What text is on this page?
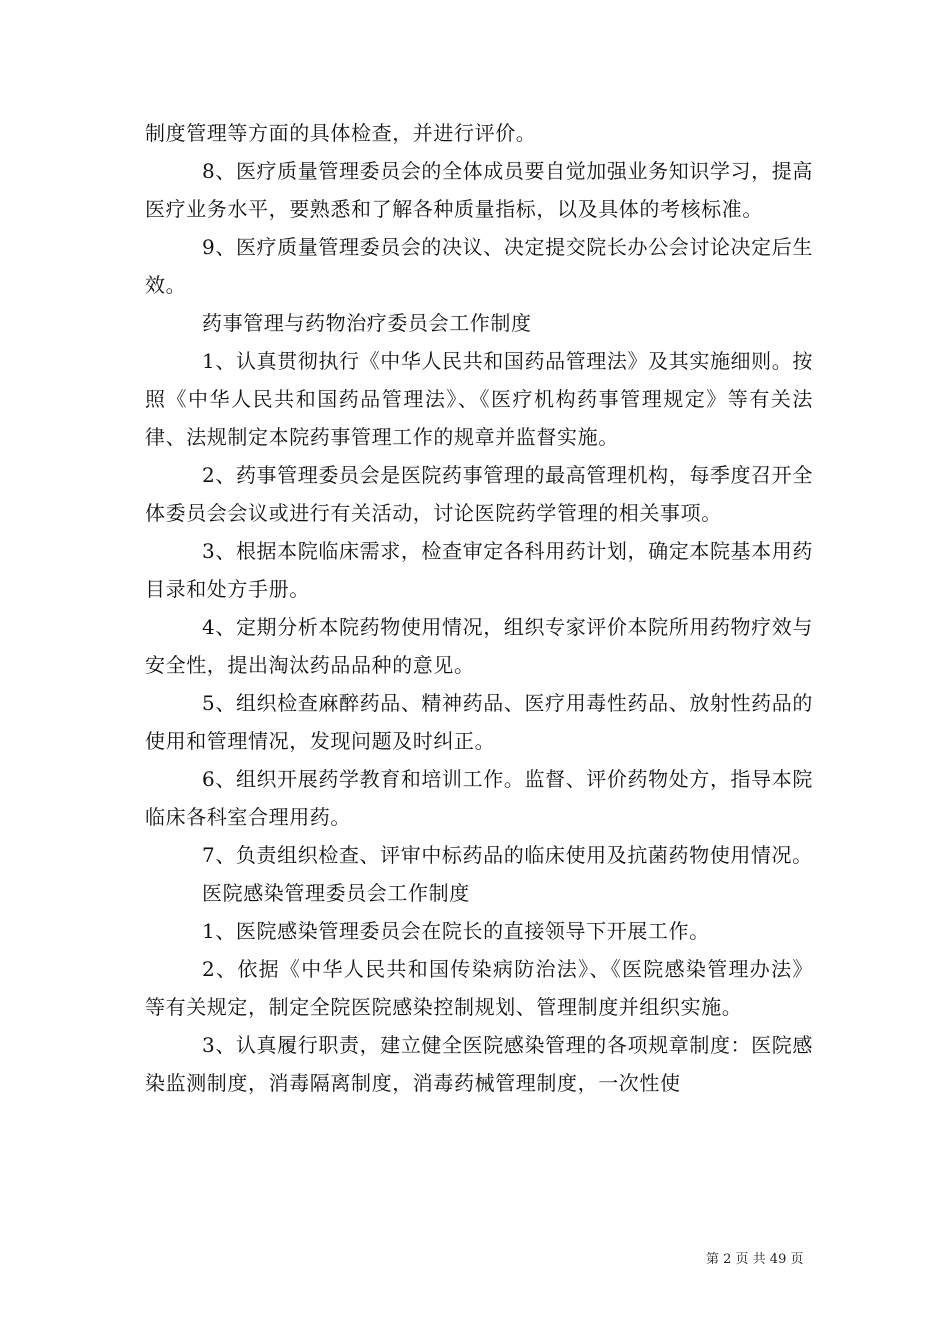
制度管理等方面的具体检查，并进行评价。

8、医疗质量管理委员会的全体成员要自觉加强业务知识学习，提高医疗业务水平，要熟悉和了解各种质量指标，以及具体的考核标准。

9、医疗质量管理委员会的决议、决定提交院长办公会讨论决定后生效。

药事管理与药物治疗委员会工作制度

1、认真贯彻执行《中华人民共和国药品管理法》及其实施细则。按照《中华人民共和国药品管理法》、《医疗机构药事管理规定》等有关法律、法规制定本院药事管理工作的规章并监督实施。

2、药事管理委员会是医院药事管理的最高管理机构，每季度召开全体委员会会议或进行有关活动，讨论医院药学管理的相关事项。

3、根据本院临床需求，检查审定各科用药计划，确定本院基本用药目录和处方手册。

4、定期分析本院药物使用情况，组织专家评价本院所用药物疗效与安全性，提出淘汰药品品种的意见。

5、组织检查麻醉药品、精神药品、医疗用毒性药品、放射性药品的使用和管理情况，发现问题及时纠正。

6、组织开展药学教育和培训工作。监督、评价药物处方，指导本院临床各科室合理用药。

7、负责组织检查、评审中标药品的临床使用及抗菌药物使用情况。

医院感染管理委员会工作制度

1、医院感染管理委员会在院长的直接领导下开展工作。

2、依据《中华人民共和国传染病防治法》、《医院感染管理办法》等有关规定，制定全院医院感染控制规划、管理制度并组织实施。

3、认真履行职责，建立健全医院感染管理的各项规章制度：医院感染监测制度，消毒隔离制度，消毒药械管理制度，一次性使

第 2 页 共 49 页
